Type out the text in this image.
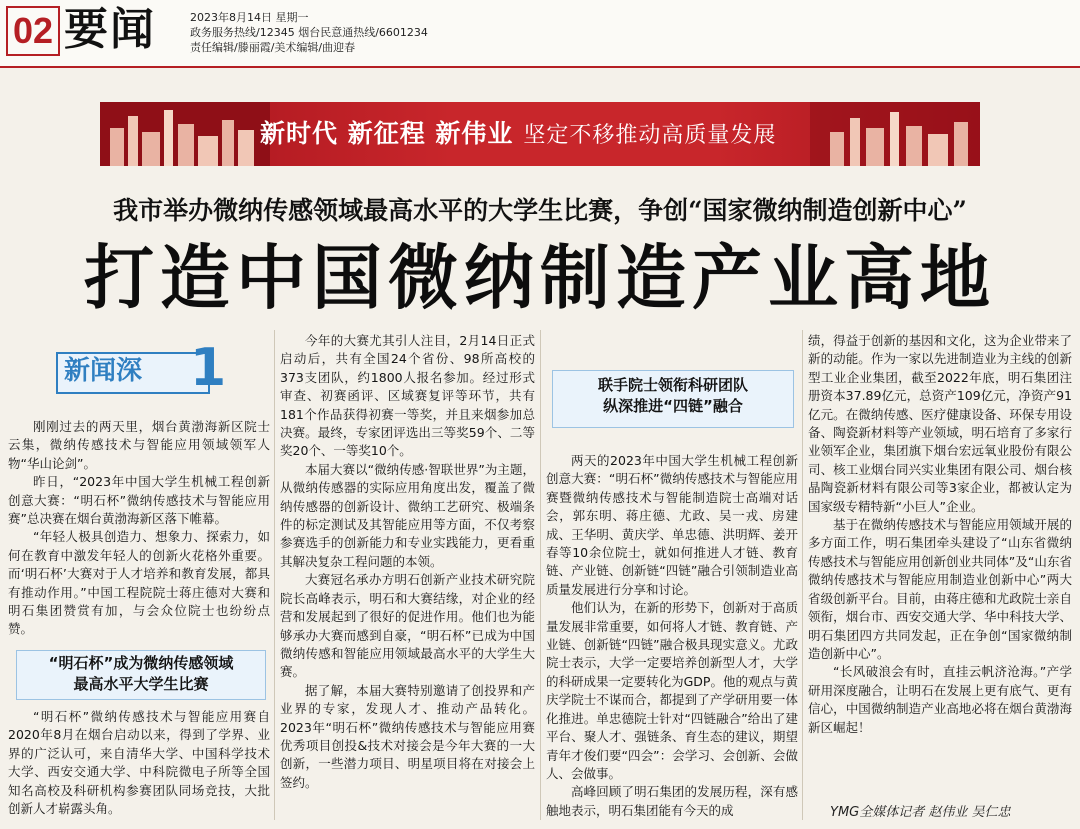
02 要闻	2023年8月14日 星期一
政务服务热线/12345 烟台民意通热线/6601234
责任编辑/滕丽霞/美术编辑/曲迎春
新时代 新征程 新伟业 坚定不移推动高质量发展
我市举办微纳传感领域最高水平的大学生比赛，争创“国家微纳制造创新中心”
打造中国微纳制造产业高地
新闻深 1

刚刚过去的两天里，烟台黄渤海新区院士云集，微纳传感技术与智能应用领域领军人物“华山论剑”。

昨日，“2023年中国大学生机械工程创新创意大赛：“明石杯”微纳传感技术与智能应用赛”总决赛在烟台黄渤海新区落下帷幕。

“年轻人极具创造力、想象力、探索力，如何在教育中激发年轻人的创新火花格外重要。而‘明石杯’大赛对于人才培养和教育发展，都具有推动作用。”中国工程院院士蒋庄德对大赛和明石集团赞赏有加，与会众位院士也纷纷点赞。

“明石杯”成为微纳传感领域
最高水平大学生比赛

“明石杯”微纳传感技术与智能应用赛自2020年8月在烟台启动以来，得到了学界、业界的广泛认可，来自清华大学、中国科学技术大学、西安交通大学、中科院微电子所等全国知名高校及科研机构参赛团队同场竞技，大批创新人才崭露头角。

今年的大赛尤其引人注目，2月14日正式启动后，共有全国24个省份、98所高校的373支团队，约1800人报名参加。经过形式审查、初赛函评、区域赛复评等环节，共有181个作品获得初赛一等奖，并且来烟参加总决赛。最终，专家团评选出三等奖59个、二等奖20个、一等奖10个。

本届大赛以“微纳传感·智联世界”为主题，从微纳传感器的实际应用角度出发，覆盖了微纳传感器的创新设计、微纳工艺研究、极端条件的标定测试及其智能应用等方面，不仅考察参赛选手的创新能力和专业实践能力，更看重其解决复杂工程问题的本领。

大赛冠名承办方明石创新产业技术研究院院长高峰表示，明石和大赛结缘，对企业的经营和发展起到了很好的促进作用。他们也为能够承办大赛而感到自豪，“明石杯”已成为中国微纳传感和智能应用领域最高水平的大学生大赛。

据了解，本届大赛特别邀请了创投界和产业界的专家，发现人才、推动产品转化。2023年“明石杯”微纳传感技术与智能应用赛优秀项目创投&技术对接会是今年大赛的一大创新，一些潜力项目、明星项目将在对接会上签约。

联手院士领衔科研团队
纵深推进“四链”融合

两天的2023年中国大学生机械工程创新创意大赛：“明石杯”微纳传感技术与智能应用赛暨微纳传感技术与智能制造院士高端对话会，郭东明、蒋庄德、尤政、吴一戎、房建成、王华明、黄庆学、单忠德、洪明辉、姜开春等10余位院士，就如何推进人才链、教育链、产业链、创新链“四链”融合引领制造业高质量发展进行分享和讨论。

他们认为，在新的形势下，创新对于高质量发展非常重要，如何将人才链、教育链、产业链、创新链“四链”融合极具现实意义。尤政院士表示，大学一定要培养创新型人才，大学的科研成果一定要转化为GDP。他的观点与黄庆学院士不谋而合，都提到了产学研用要一体化推进。单忠德院士针对“四链融合”给出了建平台、聚人才、强链条、育生态的建议，期望青年才俊们要“四会”：会学习、会创新、会做人、会做事。

高峰回顾了明石集团的发展历程，深有感触地表示，明石集团能有今天的成

绩，得益于创新的基因和文化，这为企业带来了新的动能。作为一家以先进制造业为主线的创新型工业企业集团，截至2022年底，明石集团注册资本37.89亿元，总资产109亿元，净资产91亿元。在微纳传感、医疗健康设备、环保专用设备、陶瓷新材料等产业领域，明石培育了多家行业领军企业，集团旗下烟台宏远氧业股份有限公司、核工业烟台同兴实业集团有限公司、烟台核晶陶瓷新材料有限公司等3家企业，都被认定为国家级专精特新“小巨人”企业。

基于在微纳传感技术与智能应用领域开展的多方面工作，明石集团牵头建设了“山东省微纳传感技术与智能应用创新创业共同体”及“山东省微纳传感技术与智能应用制造业创新中心”两大省级创新平台。目前，由蒋庄德和尤政院士亲自领衔，烟台市、西安交通大学、华中科技大学、明石集团四方共同发起，正在争创“国家微纳制造创新中心”。

“长风破浪会有时，直挂云帆济沧海。”产学研用深度融合，让明石在发展上更有底气、更有信心，中国微纳制造产业高地必将在烟台黄渤海新区崛起！

YMG全媒体记者 赵伟业 吴仁忠
